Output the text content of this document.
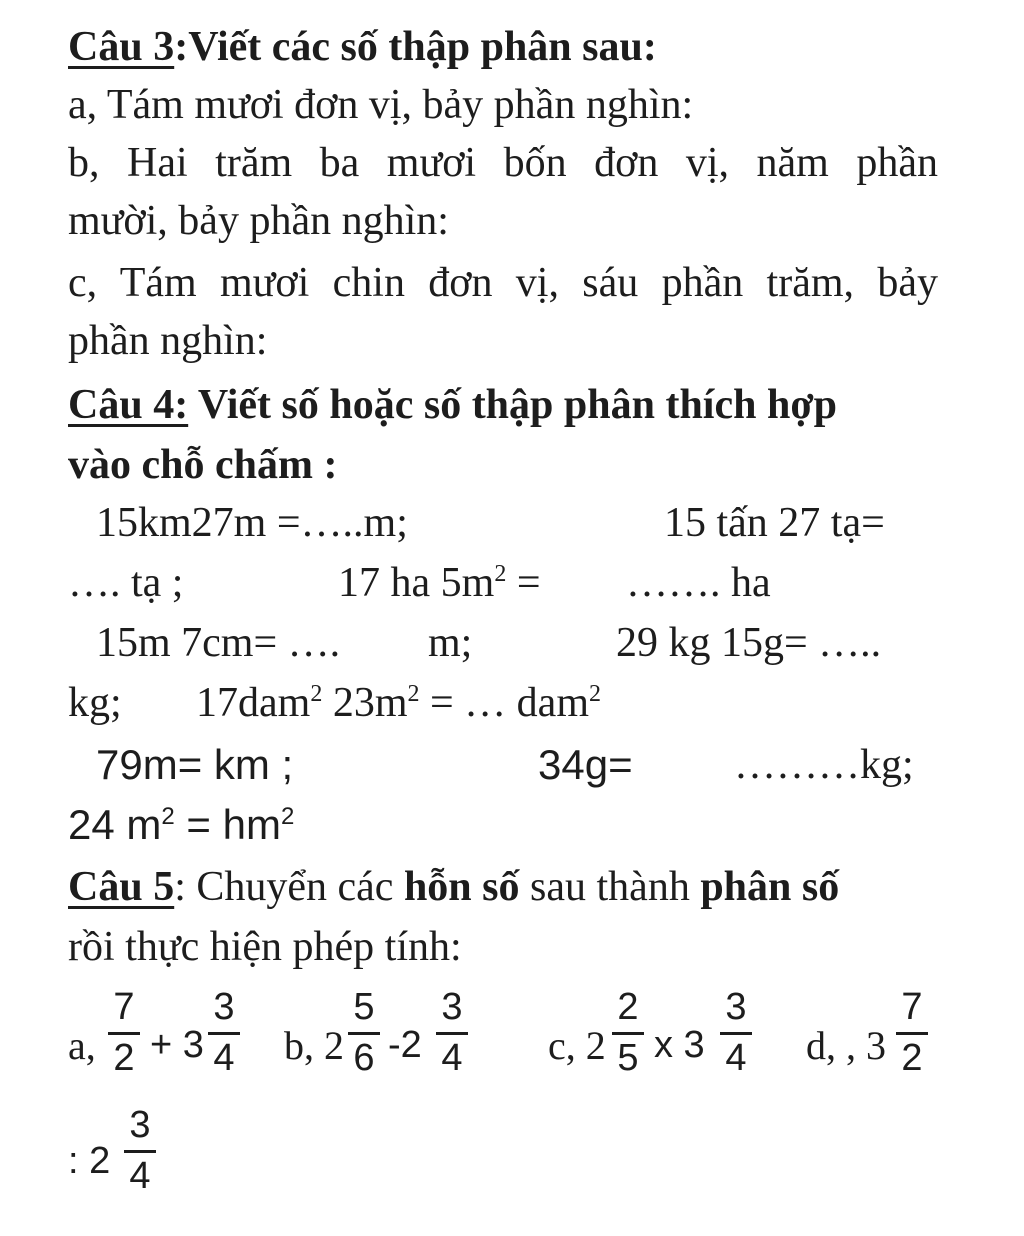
Câu 3:Viết các số thập phân sau:
a, Tám mươi đơn vị, bảy phần nghìn:
b, Hai trăm ba mươi bốn đơn vị, năm phần
mười, bảy phần nghìn:
c, Tám mươi chin đơn vị, sáu phần trăm, bảy
phần nghìn:
Câu 4: Viết số hoặc số thập phân thích hợp
vào chỗ chấm :
15km27m =…..m;	15 tấn 27 tạ=
…. tạ ;	17 ha $5m^2$ = ……. ha
15m 7cm= …. m;	29 kg 15g= …..
kg; 17dam$^2$ $23m^2$ = … dam$^2$
79m= km ;	34g= ………kg;
24 $m^2 = hm^2$
Câu 5: Chuyển các hỗn số sau thành phân số
rồi thực hiện phép tính:
a,
7
2 + 3
3
4 b, 2
5
6 -2
3
4 c, 2
2
5 x 3
3
4 d, , 3
7
2
: 2
3
4
